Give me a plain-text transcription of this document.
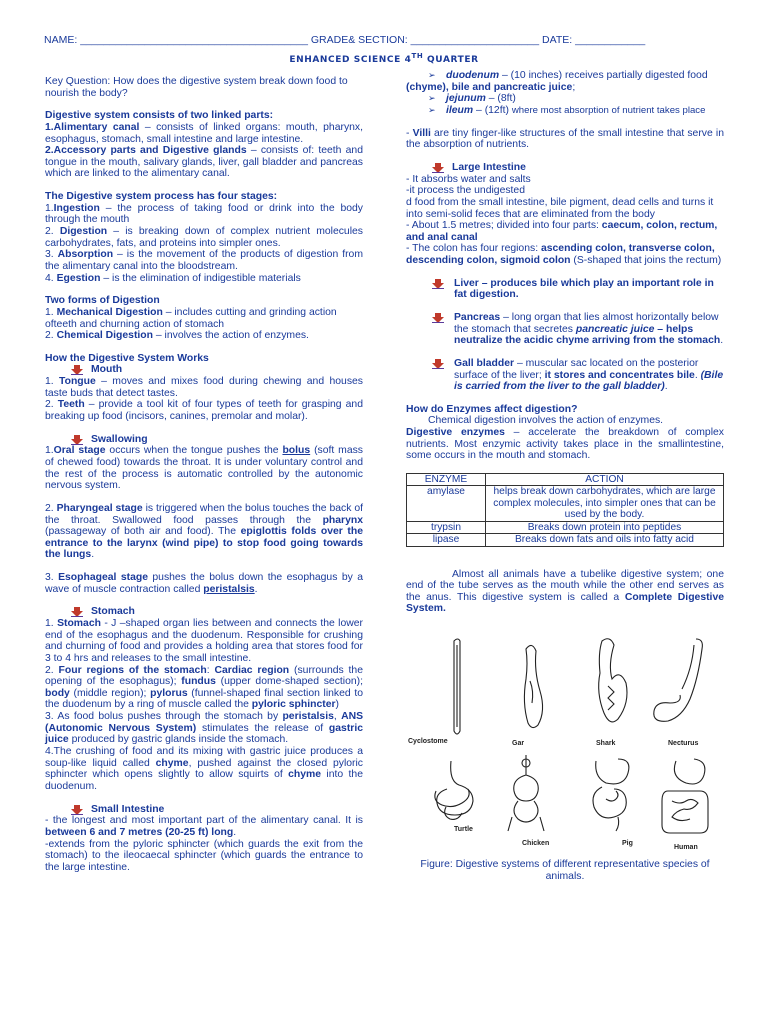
NAME: _______________________________________ GRADE& SECTION: ______________________ DATE: ____________
ENHANCED SCIENCE 4TH QUARTER

Key Question: How does the digestive system break down food to nourish the body?

Digestive system consists of two linked parts:

1.Alimentary canal – consists of linked organs: mouth, pharynx, esophagus, stomach, small intestine and large intestine.

2.Accessory parts and Digestive glands – consists of: teeth and tongue in the mouth, salivary glands, liver, gall bladder and pancreas which are linked to the alimentary canal.

The Digestive system process has four stages:

1.Ingestion – the process of taking food or drink into the body through the mouth

2. Digestion – is breaking down of complex nutrient molecules carbohydrates, fats, and proteins into simpler ones.

3. Absorption – is the movement of the products of digestion from the alimentary canal into the bloodstream.

4. Egestion – is the elimination of indigestible materials

Two forms of Digestion

1. Mechanical Digestion – includes cutting and grinding action ofteeth and churning action of stomach

2. Chemical Digestion – involves the action of enzymes.

How the Digestive System Works

Mouth

1. Tongue – moves and mixes food during chewing and houses taste buds that detect tastes.

2. Teeth – provide a tool kit of four types of teeth for grasping and breaking up food (incisors, canines, premolar and molar).

Swallowing

1.Oral stage occurs when the tongue pushes the bolus (soft mass of chewed food) towards the throat. It is under voluntary control and the rest of the process is automatic controlled by the autonomic nervous system.

2. Pharyngeal stage is triggered when the bolus touches the back of the throat. Swallowed food passes through the pharynx (passageway of both air and food). The epiglottis folds over the entrance to the larynx (wind pipe) to stop food going towards the lungs.

3. Esophageal stage pushes the bolus down the esophagus by a wave of muscle contraction called peristalsis.

Stomach

1. Stomach - J –shaped organ lies between and connects the lower end of the esophagus and the duodenum. Responsible for crushing and churning of food and provides a holding area that stores food for 3 to 4 hrs and releases to the small intestine.

2. Four regions of the stomach: Cardiac region (surrounds the opening of the esophagus); fundus (upper dome-shaped section); body (middle region); pylorus (funnel-shaped final section linked to the duodenum by a ring of muscle called the pyloric sphincter)

3. As food bolus pushes through the stomach by peristalsis, ANS (Autonomic Nervous System) stimulates the release of gastric juice produced by gastric glands inside the stomach.

4.The crushing of food and its mixing with gastric juice produces a soup-like liquid called chyme, pushed against the closed pyloric sphincter which opens slightly to allow squirts of chyme into the duodenum.

Small Intestine

- the longest and most important part of the alimentary canal. It is between 6 and 7 metres (20-25 ft) long.

-extends from the pyloric sphincter (which guards the exit from the stomach) to the ileocaecal sphincter (which guards the entrance to the large intestine.

➢ duodenum – (10 inches) receives partially digested food

(chyme), bile and pancreatic juice;

➢ jejunum – (8ft)

➢ ileum – (12ft) where most absorption of nutrient takes place

- Villi are tiny finger-like structures of the small intestine that serve in the absorption of nutrients.

Large Intestine

- It absorbs water and salts

-it process the undigested

d food from the small intestine, bile pigment, dead cells and turns it into semi-solid feces that are eliminated from the body

- About 1.5 metres; divided into four parts: caecum, colon, rectum, and anal canal

- The colon has four regions: ascending colon, transverse colon, descending colon, sigmoid colon (S-shaped that joins the rectum)

Liver – produces bile which play an important role in fat digestion.

Pancreas – long organ that lies almost horizontally below the stomach that secretes pancreatic juice – helps neutralize the acidic chyme arriving from the stomach.

Gall bladder – muscular sac located on the posterior surface of the liver; it stores and concentrates bile. (Bile is carried from the liver to the gall bladder).

How do Enzymes affect digestion?

Chemical digestion involves the action of enzymes.

Digestive enzymes – accelerate the breakdown of complex nutrients. Most enzymic activity takes place in the smallintestine, some occurs in the mouth and stomach.

ENZYME	ACTION
amylase	helps break down carbohydrates, which are large complex molecules, into simpler ones that can be used by the body.
trypsin	Breaks down protein into peptides
lipase	Breaks down fats and oils into fatty acid

Almost all animals have a tubelike digestive system; one end of the tube serves as the mouth while the other end serves as the anus. This digestive system is called a Complete Digestive System.

Cyclostome	Gar	Shark	Necturus
Turtle
Chicken	Pig
Human

Figure: Digestive systems of different representative species of animals.
